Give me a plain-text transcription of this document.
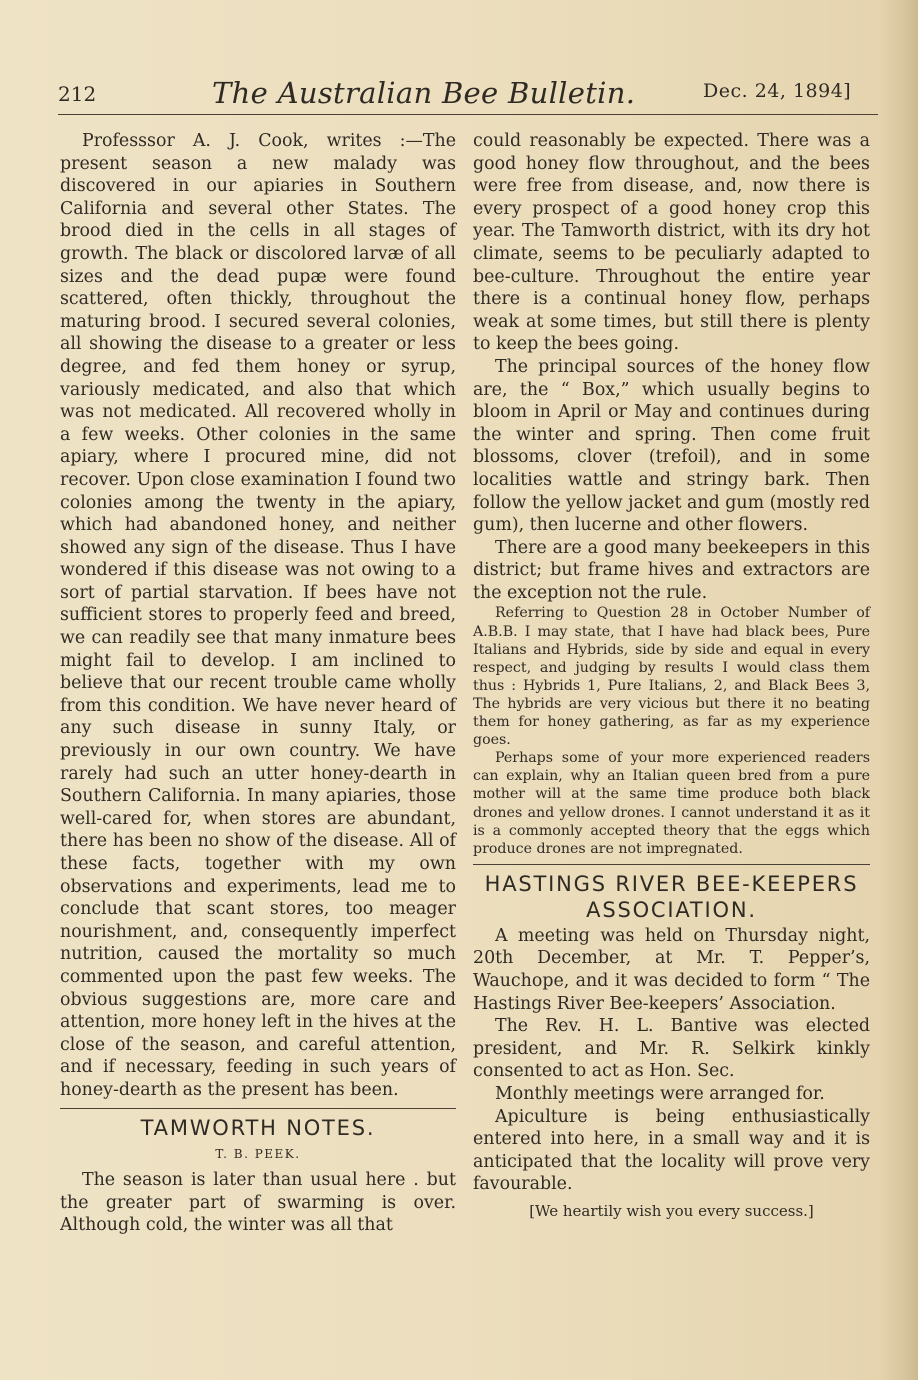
212	The Australian Bee Bulletin.	Dec. 24, 1894]

Professsor A. J. Cook, writes :—The present season a new malady was discovered in our apiaries in Southern California and several other States. The brood died in the cells in all stages of growth. The black or discolored larvæ of all sizes and the dead pupæ were found scattered, often thickly, throughout the maturing brood. I secured several colonies, all showing the disease to a greater or less degree, and fed them honey or syrup, variously medicated, and also that which was not medicated. All recovered wholly in a few weeks. Other colonies in the same apiary, where I procured mine, did not recover. Upon close examination I found two colonies among the twenty in the apiary, which had abandoned honey, and neither showed any sign of the disease. Thus I have wondered if this disease was not owing to a sort of partial starvation. If bees have not sufficient stores to properly feed and breed, we can readily see that many inmature bees might fail to develop. I am inclined to believe that our recent trouble came wholly from this condition. We have never heard of any such disease in sunny Italy, or previously in our own country. We have rarely had such an utter honey-dearth in Southern California. In many apiaries, those well-cared for, when stores are abundant, there has been no show of the disease. All of these facts, together with my own observations and experiments, lead me to conclude that scant stores, too meager nourishment, and, consequently imperfect nutrition, caused the mortality so much commented upon the past few weeks. The obvious suggestions are, more care and attention, more honey left in the hives at the close of the season, and careful attention, and if necessary, feeding in such years of honey-dearth as the present has been.

TAMWORTH NOTES.
T. B. PEEK.

The season is later than usual here . but the greater part of swarming is over. Although cold, the winter was all that

could reasonably be expected. There was a good honey flow throughout, and the bees were free from disease, and, now there is every prospect of a good honey crop this year. The Tamworth district, with its dry hot climate, seems to be peculiarly adapted to bee-culture. Throughout the entire year there is a continual honey flow, perhaps weak at some times, but still there is plenty to keep the bees going.

The principal sources of the honey flow are, the “ Box,” which usually begins to bloom in April or May and continues during the winter and spring. Then come fruit blossoms, clover (trefoil), and in some localities wattle and stringy bark. Then follow the yellow jacket and gum (mostly red gum), then lucerne and other flowers.

There are a good many beekeepers in this district; but frame hives and extractors are the exception not the rule.

Referring to Question 28 in October Number of A.B.B. I may state, that I have had black bees, Pure Italians and Hybrids, side by side and equal in every respect, and judging by results I would class them thus : Hybrids 1, Pure Italians, 2, and Black Bees 3, The hybrids are very vicious but there it no beating them for honey gathering, as far as my experience goes.

Perhaps some of your more experienced readers can explain, why an Italian queen bred from a pure mother will at the same time produce both black drones and yellow drones. I cannot understand it as it is a commonly accepted theory that the eggs which produce drones are not impregnated.

HASTINGS RIVER BEE-KEEPERS ASSOCIATION.

A meeting was held on Thursday night, 20th December, at Mr. T. Pepper’s, Wauchope, and it was decided to form “ The Hastings River Bee-keepers’ Association.

The Rev. H. L. Bantive was elected president, and Mr. R. Selkirk kinkly consented to act as Hon. Sec.

Monthly meetings were arranged for.

Apiculture is being enthusiastically entered into here, in a small way and it is anticipated that the locality will prove very favourable.

[We heartily wish you every success.]
